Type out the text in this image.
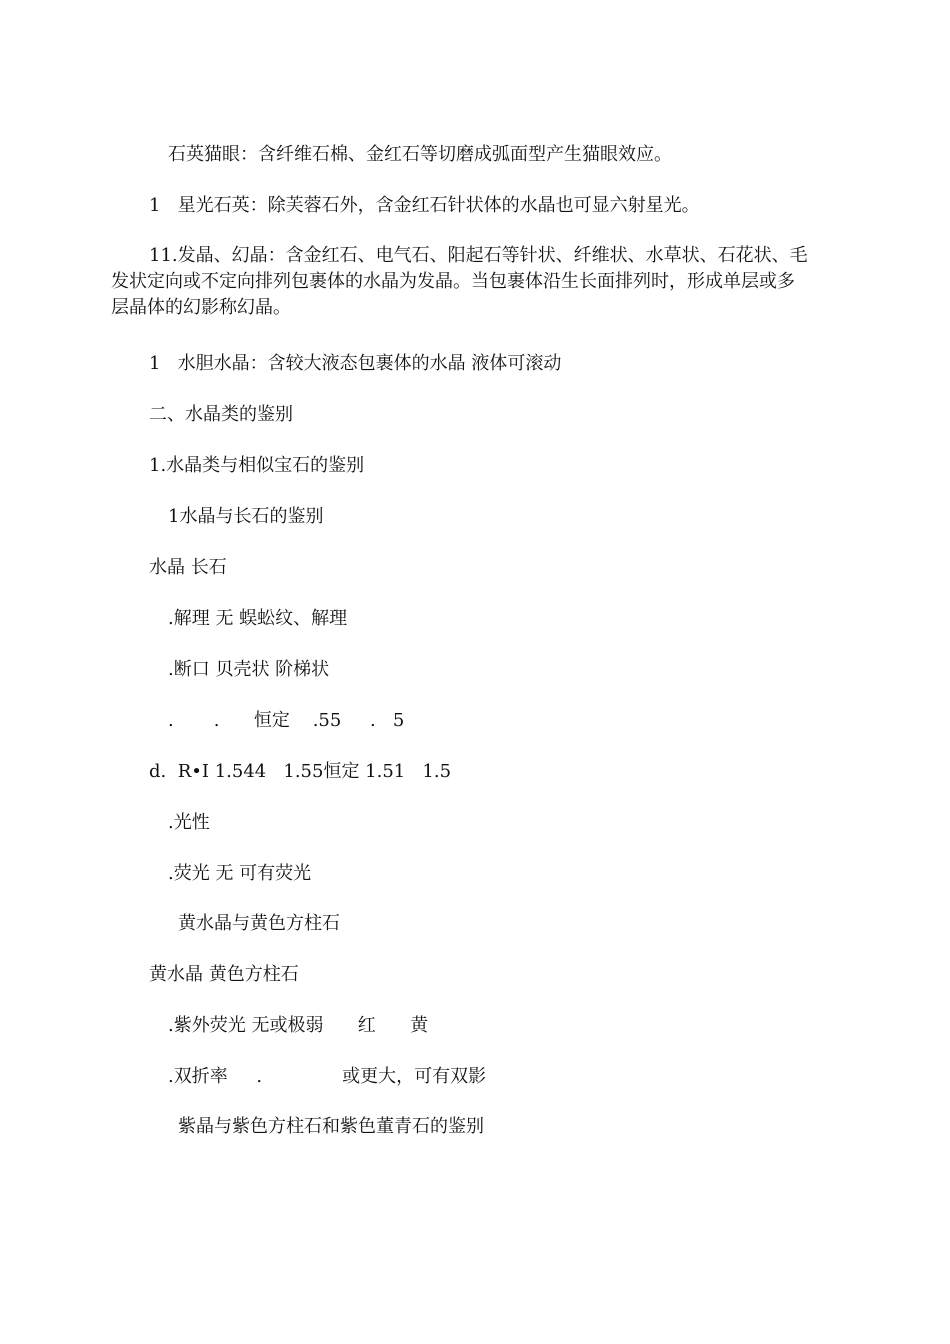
石英猫眼：含纤维石棉、金红石等切磨成弧面型产生猫眼效应。
1   星光石英：除芙蓉石外，含金红石针状体的水晶也可显六射星光。
11.发晶、幻晶：含金红石、电气石、阳起石等针状、纤维状、水草状、石花状、毛
发状定向或不定向排列包裹体的水晶为发晶。当包裹体沿生长面排列时，形成单层或多
层晶体的幻影称幻晶。
1   水胆水晶：含较大液态包裹体的水晶 液体可滚动
二、水晶类的鉴别
1.水晶类与相似宝石的鉴别
1水晶与长石的鉴别
水晶 长石
.解理 无 蜈蚣纹、解理
.断口 贝壳状 阶梯状
.       .      恒定    .55     .   5
d.  R•I 1.544   1.55恒定 1.51   1.5
.光性
.荧光 无 可有荧光
黄水晶与黄色方柱石
黄水晶 黄色方柱石
.紫外荧光 无或极弱      红      黄
.双折率     .              或更大，可有双影
紫晶与紫色方柱石和紫色董青石的鉴别
